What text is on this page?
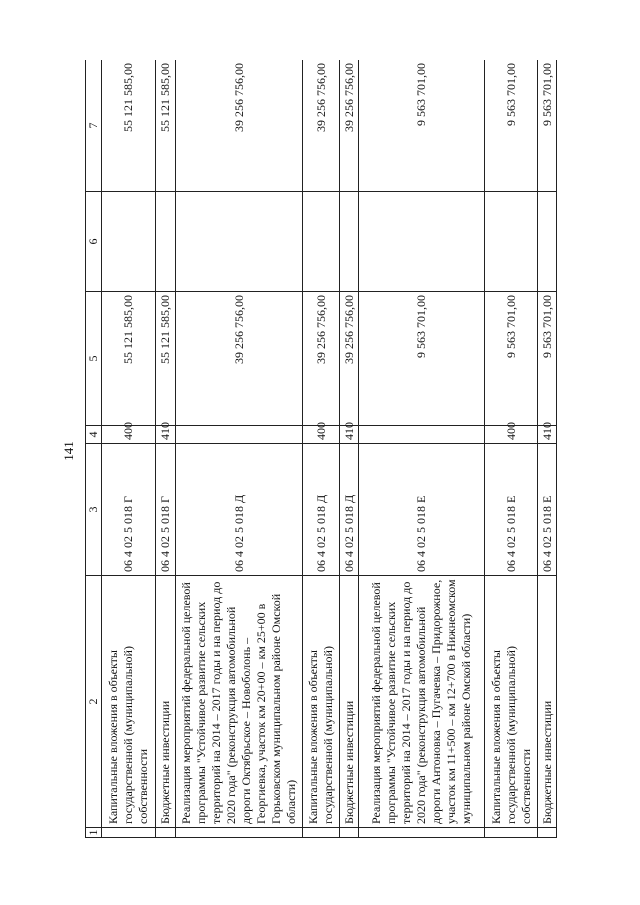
141
1	2	3	4	5	6	7
	Капитальные вложения в объекты государственной (муниципальной) собственности	06 4 02 5 018 Г	400	55 121 585,00		55 121 585,00
	Бюджетные инвестиции	06 4 02 5 018 Г	410	55 121 585,00		55 121 585,00
	Реализация мероприятий федеральной целевой программы "Устойчивое развитие сельских территорий на 2014 – 2017 годы и на период до 2020 года" (реконструкция автомобильной дороги Октябрьское – Новоболонь – Георгиевка, участок км 20+00 – км 25+00 в Горьковском муниципальном районе Омской области)	06 4 02 5 018 Д		39 256 756,00		39 256 756,00
	Капитальные вложения в объекты государственной (муниципальной)	06 4 02 5 018 Д	400	39 256 756,00		39 256 756,00
	Бюджетные инвестиции	06 4 02 5 018 Д	410	39 256 756,00		39 256 756,00
	Реализация мероприятий федеральной целевой программы "Устойчивое развитие сельских территорий на 2014 – 2017 годы и на период до 2020 года" (реконструкция автомобильной дороги Антоновка – Пугачевка – Придорожное, участок км 11+500 – км 12+700 в Нижнеомском муниципальном районе Омской области)	06 4 02 5 018 Е		9 563 701,00		9 563 701,00
	Капитальные вложения в объекты государственной (муниципальной) собственности	06 4 02 5 018 Е	400	9 563 701,00		9 563 701,00
	Бюджетные инвестиции	06 4 02 5 018 Е	410	9 563 701,00		9 563 701,00
